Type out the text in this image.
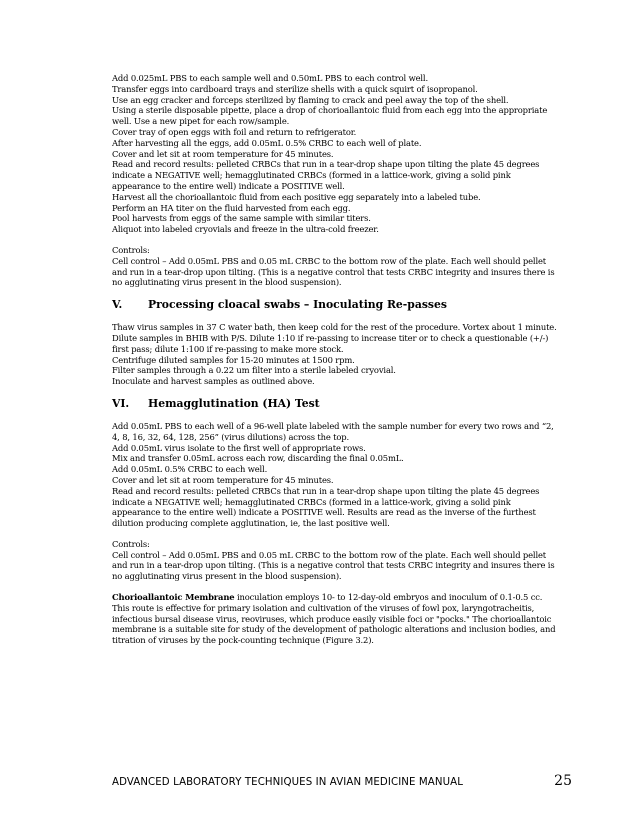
Add 0.025mL PBS to each sample well and 0.50mL PBS to each control well.
Transfer eggs into cardboard trays and sterilize shells with a quick squirt of isopropanol.
Use an egg cracker and forceps sterilized by flaming to crack and peel away the top of the shell.
Using a sterile disposable pipette, place a drop of chorioallantoic fluid from each egg into the appropriate
well. Use a new pipet for each row/sample.
Cover tray of open eggs with foil and return to refrigerator.
After harvesting all the eggs, add 0.05mL 0.5% CRBC to each well of plate.
Cover and let sit at room temperature for 45 minutes.
Read and record results: pelleted CRBCs that run in a tear-drop shape upon tilting the plate 45 degrees
indicate a NEGATIVE well; hemagglutinated CRBCs (formed in a lattice-work, giving a solid pink
appearance to the entire well) indicate a POSITIVE well.
Harvest all the chorioallantoic fluid from each positive egg separately into a labeled tube.
Perform an HA titer on the fluid harvested from each egg.
Pool harvests from eggs of the same sample with similar titers.
Aliquot into labeled cryovials and freeze in the ultra-cold freezer.
Controls:
Cell control – Add 0.05mL PBS and 0.05 mL CRBC to the bottom row of the plate. Each well should pellet
and run in a tear-drop upon tilting. (This is a negative control that tests CRBC integrity and insures there is
no agglutinating virus present in the blood suspension).
V.	Processing cloacal swabs – Inoculating Re-passes
Thaw virus samples in 37 C water bath, then keep cold for the rest of the procedure. Vortex about 1 minute.
Dilute samples in BHIB with P/S. Dilute 1:10 if re-passing to increase titer or to check a questionable (+/-)
first pass; dilute 1:100 if re-passing to make more stock.
Centrifuge diluted samples for 15-20 minutes at 1500 rpm.
Filter samples through a 0.22 um filter into a sterile labeled cryovial.
Inoculate and harvest samples as outlined above.
VI.	Hemagglutination (HA) Test
Add 0.05mL PBS to each well of a 96-well plate labeled with the sample number for every two rows and “2,
4, 8, 16, 32, 64, 128, 256” (virus dilutions) across the top.
Add 0.05mL virus isolate to the first well of appropriate rows.
Mix and transfer 0.05mL across each row, discarding the final 0.05mL.
Add 0.05mL 0.5% CRBC to each well.
Cover and let sit at room temperature for 45 minutes.
Read and record results: pelleted CRBCs that run in a tear-drop shape upon tilting the plate 45 degrees
indicate a NEGATIVE well; hemagglutinated CRBCs (formed in a lattice-work, giving a solid pink
appearance to the entire well) indicate a POSITIVE well. Results are read as the inverse of the furthest
dilution producing complete agglutination, ie, the last positive well.
Controls:
Cell control – Add 0.05mL PBS and 0.05 mL CRBC to the bottom row of the plate. Each well should pellet
and run in a tear-drop upon tilting. (This is a negative control that tests CRBC integrity and insures there is
no agglutinating virus present in the blood suspension).
Chorioallantoic Membrane inoculation employs 10- to 12-day-old embryos and inoculum of 0.1-0.5 cc.
This route is effective for primary isolation and cultivation of the viruses of fowl pox, laryngotracheitis,
infectious bursal disease virus, reoviruses, which produce easily visible foci or "pocks." The chorioallantoic
membrane is a suitable site for study of the development of pathologic alterations and inclusion bodies, and
titration of viruses by the pock-counting technique (Figure 3.2).
ADVANCED LABORATORY TECHNIQUES IN AVIAN MEDICINE MANUAL	25
